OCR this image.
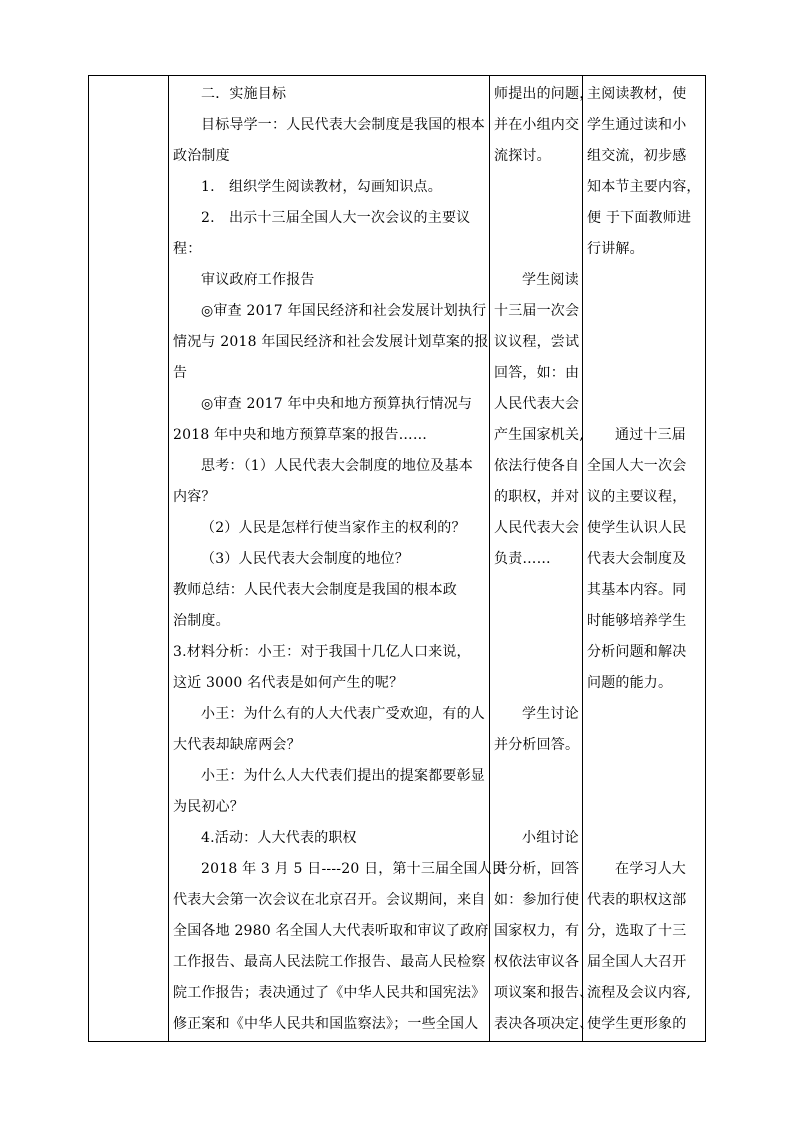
二．实施目标
目标导学一：人民代表大会制度是我国的根本
政治制度
1.　组织学生阅读教材，勾画知识点。
2.　出示十三届全国人大一次会议的主要议
程：
审议政府工作报告
◎审查 2017 年国民经济和社会发展计划执行
情况与 2018 年国民经济和社会发展计划草案的报
告
◎审查 2017 年中央和地方预算执行情况与
2018 年中央和地方预算草案的报告……
思考：（1）人民代表大会制度的地位及基本
内容？
（2）人民是怎样行使当家作主的权利的？
（3）人民代表大会制度的地位？
教师总结：人民代表大会制度是我国的根本政
治制度。
3.材料分析：小王：对于我国十几亿人口来说，
这近 3000 名代表是如何产生的呢？
小王：为什么有的人大代表广受欢迎，有的人
大代表却缺席两会？
小王：为什么人大代表们提出的提案都要彰显
为民初心？
4.活动：人大代表的职权
2018 年 3 月 5 日----20 日，第十三届全国人民
代表大会第一次会议在北京召开。会议期间，来自
全国各地 2980 名全国人大代表听取和审议了政府
工作报告、最高人民法院工作报告、最高人民检察
院工作报告；表决通过了《中华人民共和国宪法》
修正案和《中华人民共和国监察法》；一些全国人
师提出的问题，
并在小组内交
流探讨。
学生阅读
十三届一次会
议议程，尝试
回答，如：由
人民代表大会
产生国家机关,
依法行使各自
的职权，并对
人民代表大会
负责……
学生讨论
并分析回答。
小组讨论
并分析，回答
如：参加行使
国家权力，有
权依法审议各
项议案和报告、
表决各项决定、
主阅读教材，使
学生通过读和小
组交流，初步感
知本节主要内容，
便 于下面教师进
行讲解。
通过十三届
全国人大一次会
议的主要议程，
使学生认识人民
代表大会制度及
其基本内容。同
时能够培养学生
分析问题和解决
问题的能力。
在学习人大
代表的职权这部
分，选取了十三
届全国人大召开
流程及会议内容,
使学生更形象的
